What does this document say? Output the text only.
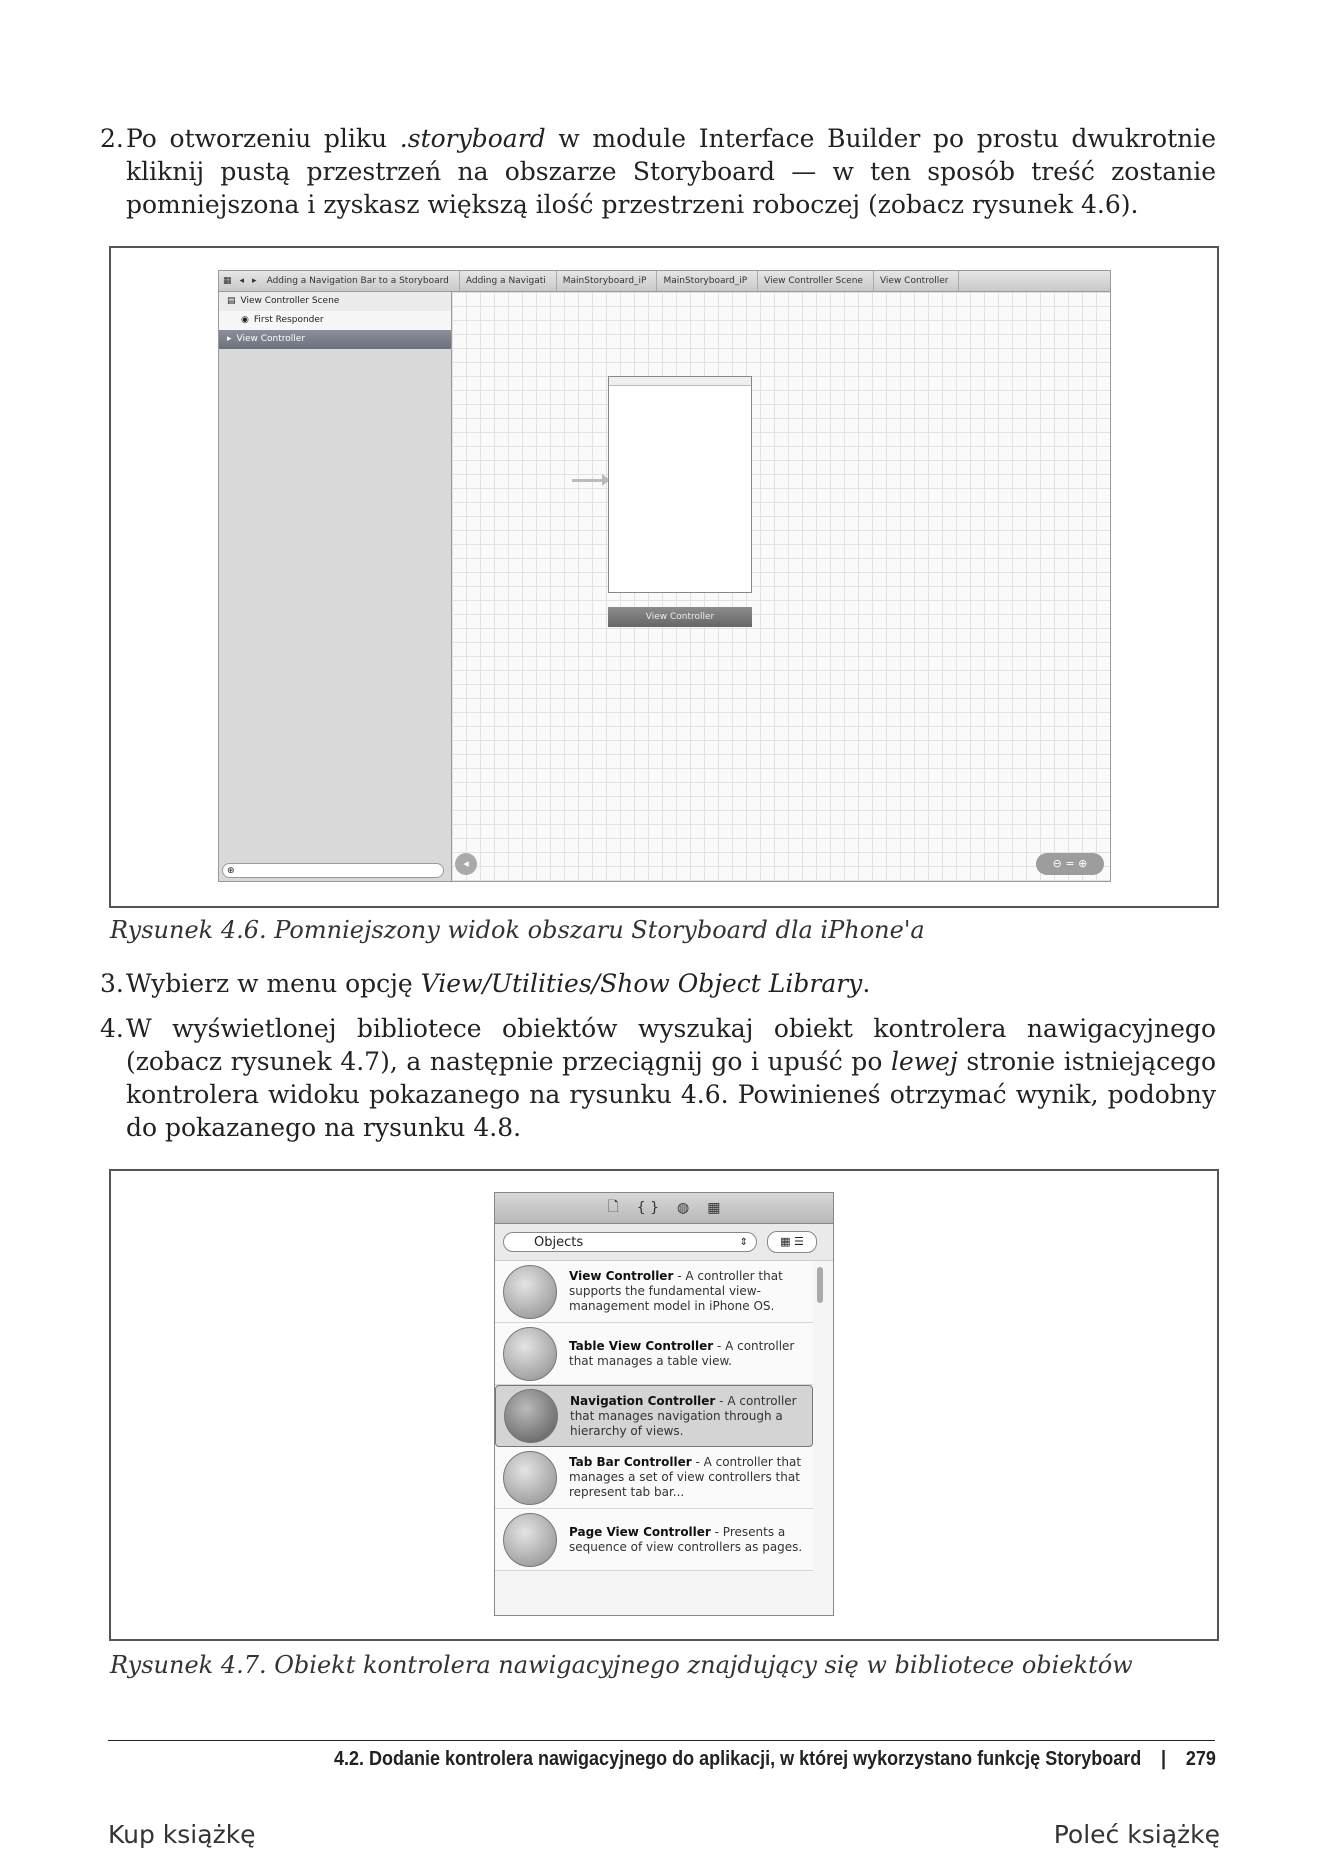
2. Po otworzeniu pliku .storyboard w module Interface Builder po prostu dwukrotnie kliknij pustą przestrzeń na obszarze Storyboard — w ten sposób treść zostanie pomniejszona i zyskasz większą ilość przestrzeni roboczej (zobacz rysunek 4.6).
▦ ◂ ▸	Adding a Navigation Bar to a Storyboard	Adding a Navigati	MainStoryboard_iP	MainStoryboard_iP	View Controller Scene	View Controller
▤ View Controller Scene
◉ First Responder
▸ View Controller
⊕
View Controller
◂	⊖ = ⊕
Rysunek 4.6. Pomniejszony widok obszaru Storyboard dla iPhone'a
3. Wybierz w menu opcję View/Utilities/Show Object Library.
4. W wyświetlonej bibliotece obiektów wyszukaj obiekt kontrolera nawigacyjnego (zobacz rysunek 4.7), a następnie przeciągnij go i upuść po lewej stronie istniejącego kontrolera widoku pokazanego na rysunku 4.6. Powinieneś otrzymać wynik, podobny do pokazanego na rysunku 4.8.
🗋 { } ◍ ▦
Objects	⇕	▦ ☰
View Controller - A controller that supports the fundamental view-management model in iPhone OS.
Table View Controller - A controller that manages a table view.
Navigation Controller - A controller that manages navigation through a hierarchy of views.
Tab Bar Controller - A controller that manages a set of view controllers that represent tab bar...
Page View Controller - Presents a sequence of view controllers as pages.
Rysunek 4.7. Obiekt kontrolera nawigacyjnego znajdujący się w bibliotece obiektów
4.2. Dodanie kontrolera nawigacyjnego do aplikacji, w której wykorzystano funkcję Storyboard | 279
Kup książkę	Poleć książkę
